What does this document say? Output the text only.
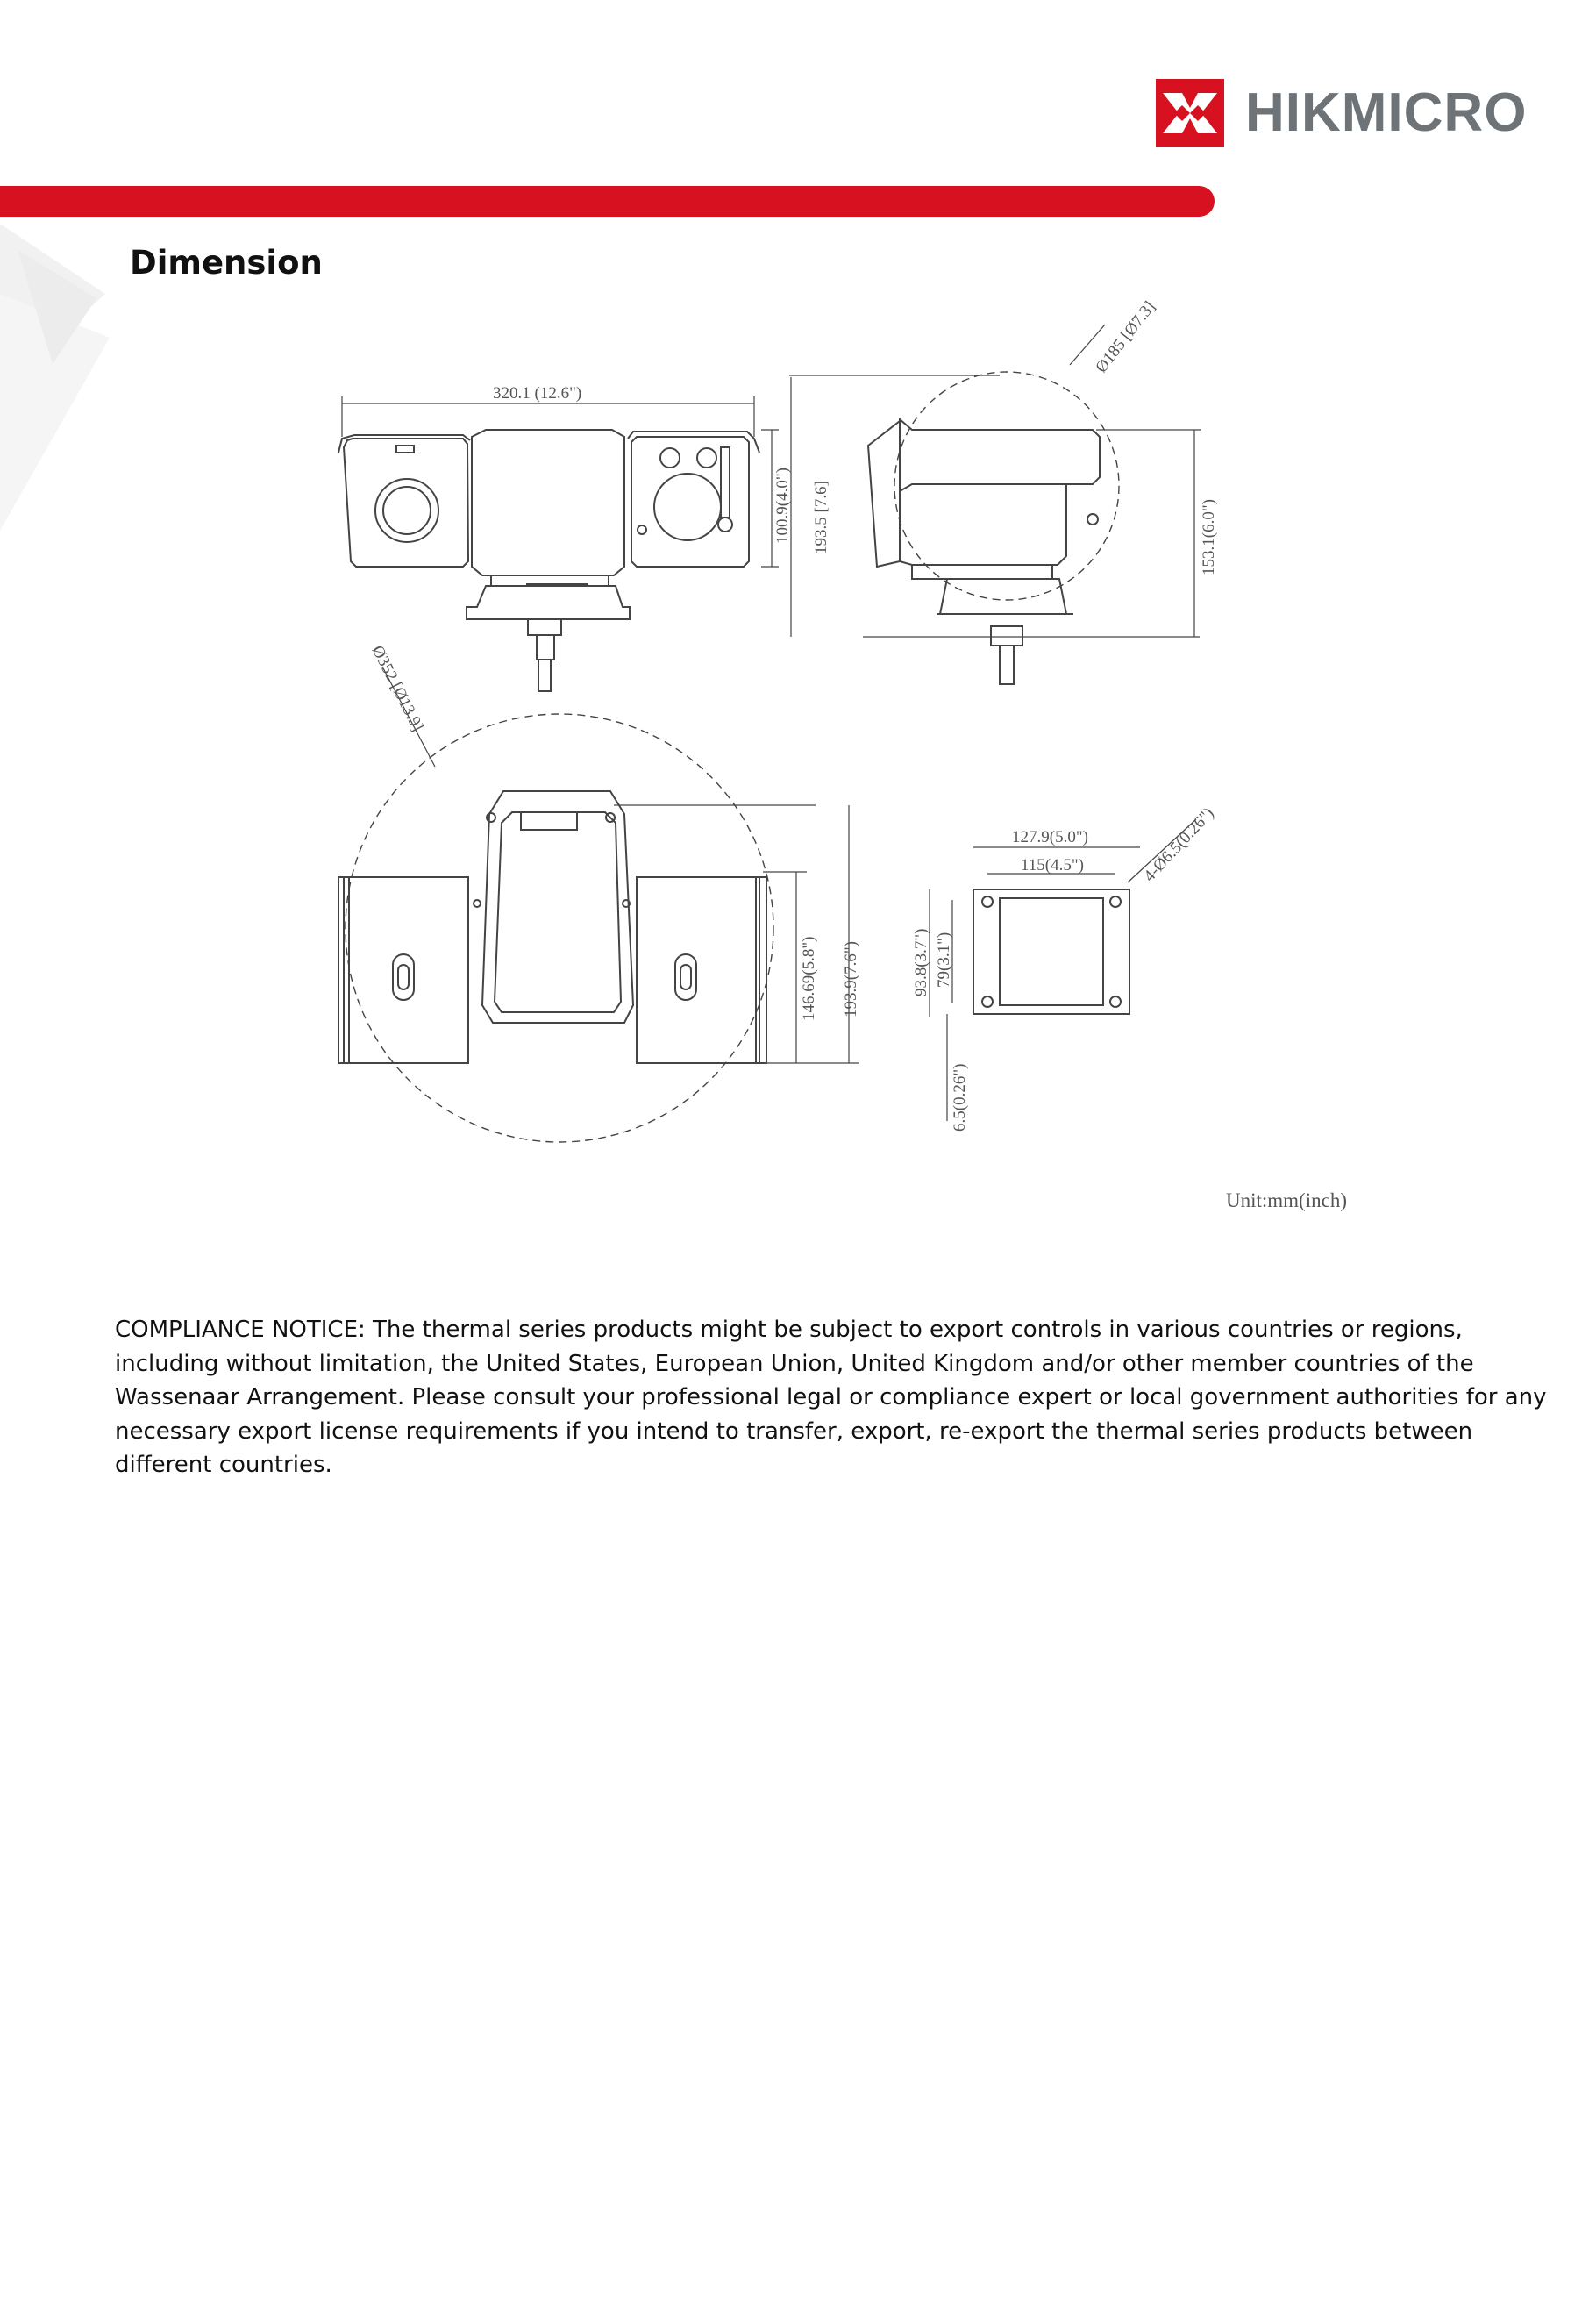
HIKMICRO
Dimension
320.1 (12.6")
100.9(4.0") 193.5 [7.6]
Ø185 [Ø7.3]
153.1(6.0")
Ø352 [Ø13.9]
146.69(5.8") 193.9(7.6")
127.9(5.0")
115(4.5")	4-Ø6.5(0.26")
93.8(3.7") 79(3.1")
6.5(0.26")
Unit:mm(inch)
COMPLIANCE NOTICE: The thermal series products might be subject to export controls in various countries or regions,
including without limitation, the United States, European Union, United Kingdom and/or other member countries of the
Wassenaar Arrangement. Please consult your professional legal or compliance expert or local government authorities for any
necessary export license requirements if you intend to transfer, export, re-export the thermal series products between
different countries.
